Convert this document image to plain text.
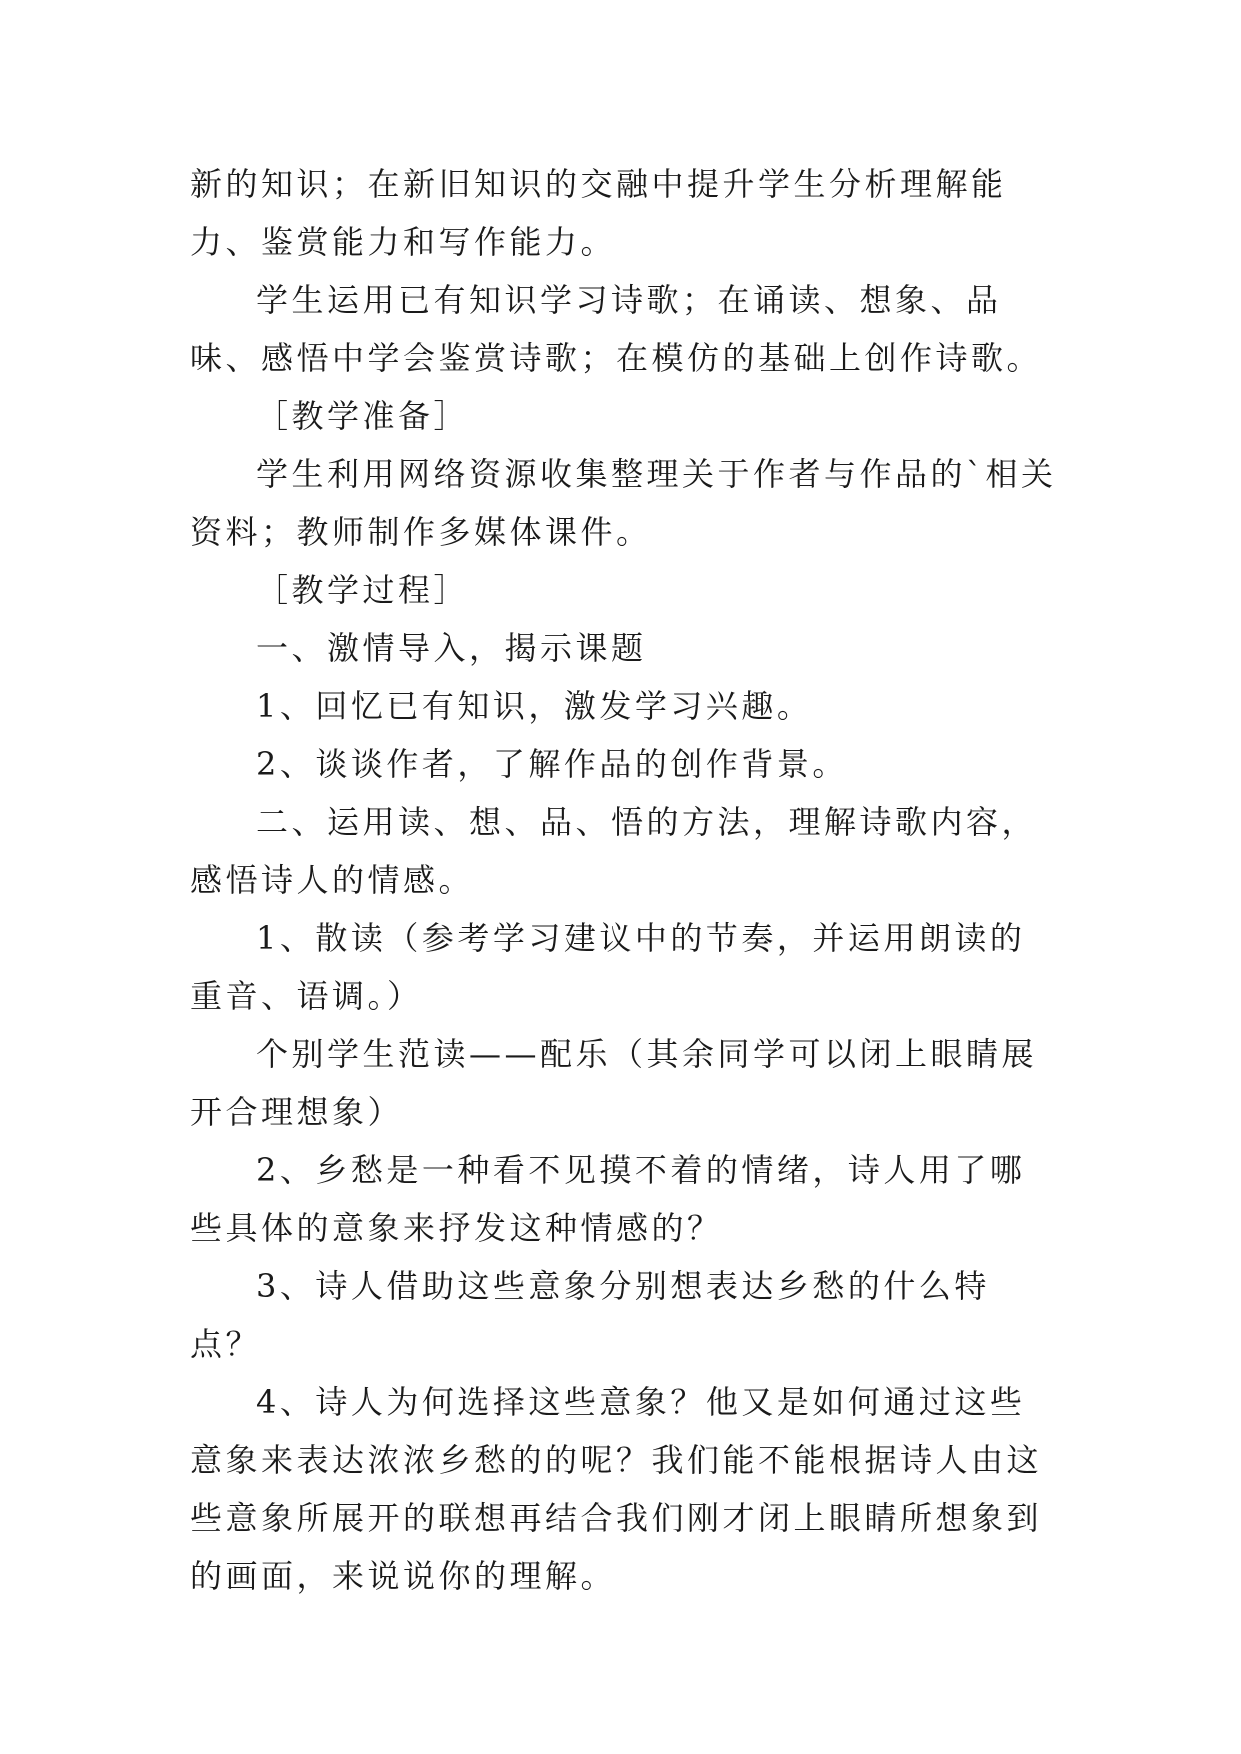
新的知识；在新旧知识的交融中提升学生分析理解能力、鉴赏能力和写作能力。

学生运用已有知识学习诗歌；在诵读、想象、品味、感悟中学会鉴赏诗歌；在模仿的基础上创作诗歌。

［教学准备］

学生利用网络资源收集整理关于作者与作品的`相关资料；教师制作多媒体课件。

［教学过程］

一、激情导入，揭示课题

1、回忆已有知识，激发学习兴趣。

2、谈谈作者，了解作品的创作背景。

二、运用读、想、品、悟的方法，理解诗歌内容，感悟诗人的情感。

1、散读（参考学习建议中的节奏，并运用朗读的重音、语调。）

个别学生范读——配乐（其余同学可以闭上眼睛展开合理想象）

2、乡愁是一种看不见摸不着的情绪，诗人用了哪些具体的意象来抒发这种情感的？

3、诗人借助这些意象分别想表达乡愁的什么特点？

4、诗人为何选择这些意象？他又是如何通过这些意象来表达浓浓乡愁的的呢？我们能不能根据诗人由这些意象所展开的联想再结合我们刚才闭上眼睛所想象到的画面，来说说你的理解。
